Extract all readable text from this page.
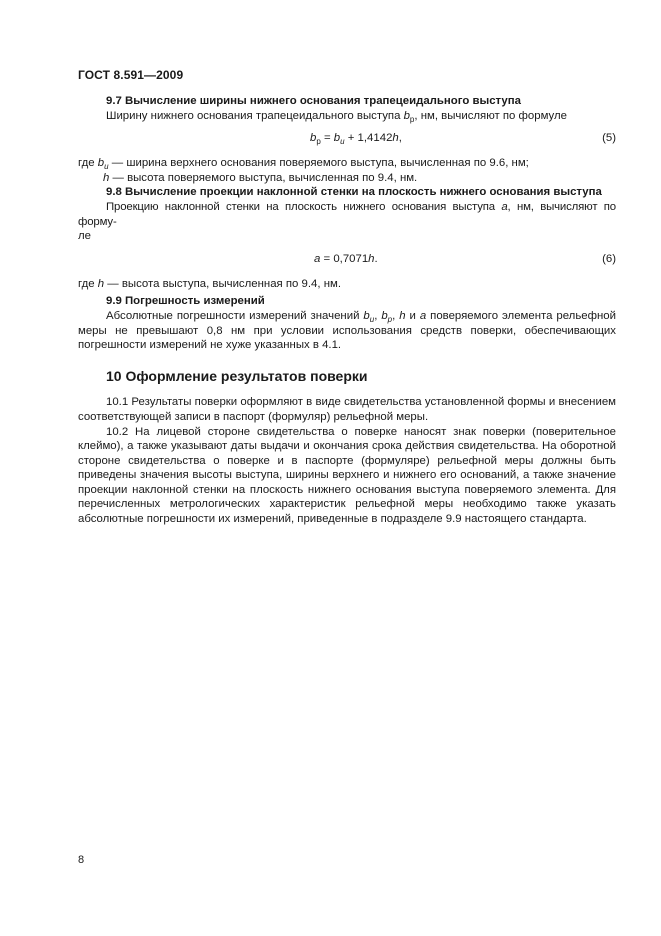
ГОСТ 8.591—2009

9.7 Вычисление ширины нижнего основания трапецеидального выступа

Ширину нижнего основания трапецеидального выступа $b_р$, нм, вычисляют по формуле

$b_р = b_и + 1,4142h$,	(5)

где $b_и$ — ширина верхнего основания поверяемого выступа, вычисленная по 9.6, нм;

h — высота поверяемого выступа, вычисленная по 9.4, нм.

9.8 Вычисление проекции наклонной стенки на плоскость нижнего основания выступа

Проекцию наклонной стенки на плоскость нижнего основания выступа a, нм, вычисляют по форму-

ле

a = 0,7071h.	(6)

где h — высота выступа, вычисленная по 9.4, нм.

9.9 Погрешность измерений

Абсолютные погрешности измерений значений $b_и$, $b_р$, h и a поверяемого элемента рельефной меры не превышают 0,8 нм при условии использования средств поверки, обеспечивающих погрешности измерений не хуже указанных в 4.1.

10 Оформление результатов поверки

10.1 Результаты поверки оформляют в виде свидетельства установленной формы и внесением соответствующей записи в паспорт (формуляр) рельефной меры.

10.2 На лицевой стороне свидетельства о поверке наносят знак поверки (поверительное клеймо), а также указывают даты выдачи и окончания срока действия свидетельства. На оборотной стороне свидетельства о поверке и в паспорте (формуляре) рельефной меры должны быть приведены значения высоты выступа, ширины верхнего и нижнего его оснований, а также значение проекции наклонной стенки на плоскость нижнего основания выступа поверяемого элемента. Для перечисленных метрологических характеристик рельефной меры необходимо также указать абсолютные погрешности их измерений, приведенные в подразделе 9.9 настоящего стандарта.

8
